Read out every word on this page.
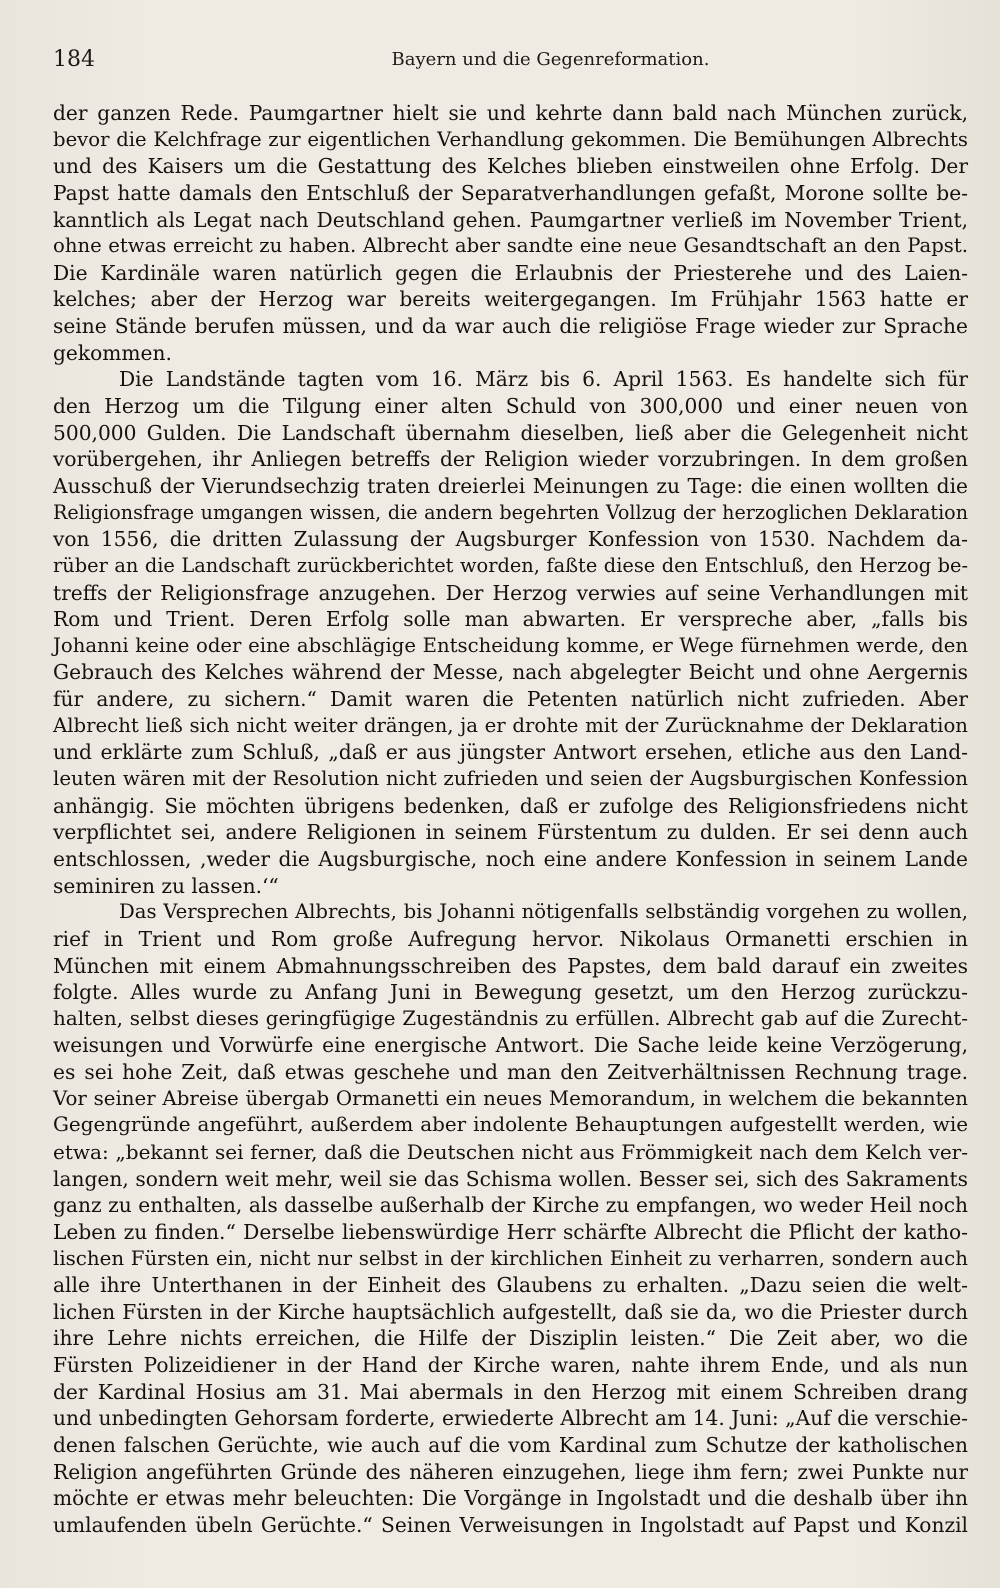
184	Bayern und die Gegenreformation.
der ganzen Rede. Paumgartner hielt sie und kehrte dann bald nach München zurück,
bevor die Kelchfrage zur eigentlichen Verhandlung gekommen. Die Bemühungen Albrechts
und des Kaisers um die Gestattung des Kelches blieben einstweilen ohne Erfolg. Der
Papst hatte damals den Entschluß der Separatverhandlungen gefaßt, Morone sollte be-
kanntlich als Legat nach Deutschland gehen. Paumgartner verließ im November Trient,
ohne etwas erreicht zu haben. Albrecht aber sandte eine neue Gesandtschaft an den Papst.
Die Kardinäle waren natürlich gegen die Erlaubnis der Priesterehe und des Laien-
kelches; aber der Herzog war bereits weitergegangen. Im Frühjahr 1563 hatte er
seine Stände berufen müssen, und da war auch die religiöse Frage wieder zur Sprache
gekommen.
Die Landstände tagten vom 16. März bis 6. April 1563. Es handelte sich für
den Herzog um die Tilgung einer alten Schuld von 300,000 und einer neuen von
500,000 Gulden. Die Landschaft übernahm dieselben, ließ aber die Gelegenheit nicht
vorübergehen, ihr Anliegen betreffs der Religion wieder vorzubringen. In dem großen
Ausschuß der Vierundsechzig traten dreierlei Meinungen zu Tage: die einen wollten die
Religionsfrage umgangen wissen, die andern begehrten Vollzug der herzoglichen Deklaration
von 1556, die dritten Zulassung der Augsburger Konfession von 1530. Nachdem da-
rüber an die Landschaft zurückberichtet worden, faßte diese den Entschluß, den Herzog be-
treffs der Religionsfrage anzugehen. Der Herzog verwies auf seine Verhandlungen mit
Rom und Trient. Deren Erfolg solle man abwarten. Er verspreche aber, „falls bis
Johanni keine oder eine abschlägige Entscheidung komme, er Wege fürnehmen werde, den
Gebrauch des Kelches während der Messe, nach abgelegter Beicht und ohne Aergernis
für andere, zu sichern.“ Damit waren die Petenten natürlich nicht zufrieden. Aber
Albrecht ließ sich nicht weiter drängen, ja er drohte mit der Zurücknahme der Deklaration
und erklärte zum Schluß, „daß er aus jüngster Antwort ersehen, etliche aus den Land-
leuten wären mit der Resolution nicht zufrieden und seien der Augsburgischen Konfession
anhängig. Sie möchten übrigens bedenken, daß er zufolge des Religionsfriedens nicht
verpflichtet sei, andere Religionen in seinem Fürstentum zu dulden. Er sei denn auch
entschlossen, ‚weder die Augsburgische, noch eine andere Konfession in seinem Lande
seminiren zu lassen.‘“
Das Versprechen Albrechts, bis Johanni nötigenfalls selbständig vorgehen zu wollen,
rief in Trient und Rom große Aufregung hervor. Nikolaus Ormanetti erschien in
München mit einem Abmahnungsschreiben des Papstes, dem bald darauf ein zweites
folgte. Alles wurde zu Anfang Juni in Bewegung gesetzt, um den Herzog zurückzu-
halten, selbst dieses geringfügige Zugeständnis zu erfüllen. Albrecht gab auf die Zurecht-
weisungen und Vorwürfe eine energische Antwort. Die Sache leide keine Verzögerung,
es sei hohe Zeit, daß etwas geschehe und man den Zeitverhältnissen Rechnung trage.
Vor seiner Abreise übergab Ormanetti ein neues Memorandum, in welchem die bekannten
Gegengründe angeführt, außerdem aber indolente Behauptungen aufgestellt werden, wie
etwa: „bekannt sei ferner, daß die Deutschen nicht aus Frömmigkeit nach dem Kelch ver-
langen, sondern weit mehr, weil sie das Schisma wollen. Besser sei, sich des Sakraments
ganz zu enthalten, als dasselbe außerhalb der Kirche zu empfangen, wo weder Heil noch
Leben zu finden.“ Derselbe liebenswürdige Herr schärfte Albrecht die Pflicht der katho-
lischen Fürsten ein, nicht nur selbst in der kirchlichen Einheit zu verharren, sondern auch
alle ihre Unterthanen in der Einheit des Glaubens zu erhalten. „Dazu seien die welt-
lichen Fürsten in der Kirche hauptsächlich aufgestellt, daß sie da, wo die Priester durch
ihre Lehre nichts erreichen, die Hilfe der Disziplin leisten.“ Die Zeit aber, wo die
Fürsten Polizeidiener in der Hand der Kirche waren, nahte ihrem Ende, und als nun
der Kardinal Hosius am 31. Mai abermals in den Herzog mit einem Schreiben drang
und unbedingten Gehorsam forderte, erwiederte Albrecht am 14. Juni: „Auf die verschie-
denen falschen Gerüchte, wie auch auf die vom Kardinal zum Schutze der katholischen
Religion angeführten Gründe des näheren einzugehen, liege ihm fern; zwei Punkte nur
möchte er etwas mehr beleuchten: Die Vorgänge in Ingolstadt und die deshalb über ihn
umlaufenden übeln Gerüchte.“ Seinen Verweisungen in Ingolstadt auf Papst und Konzil
